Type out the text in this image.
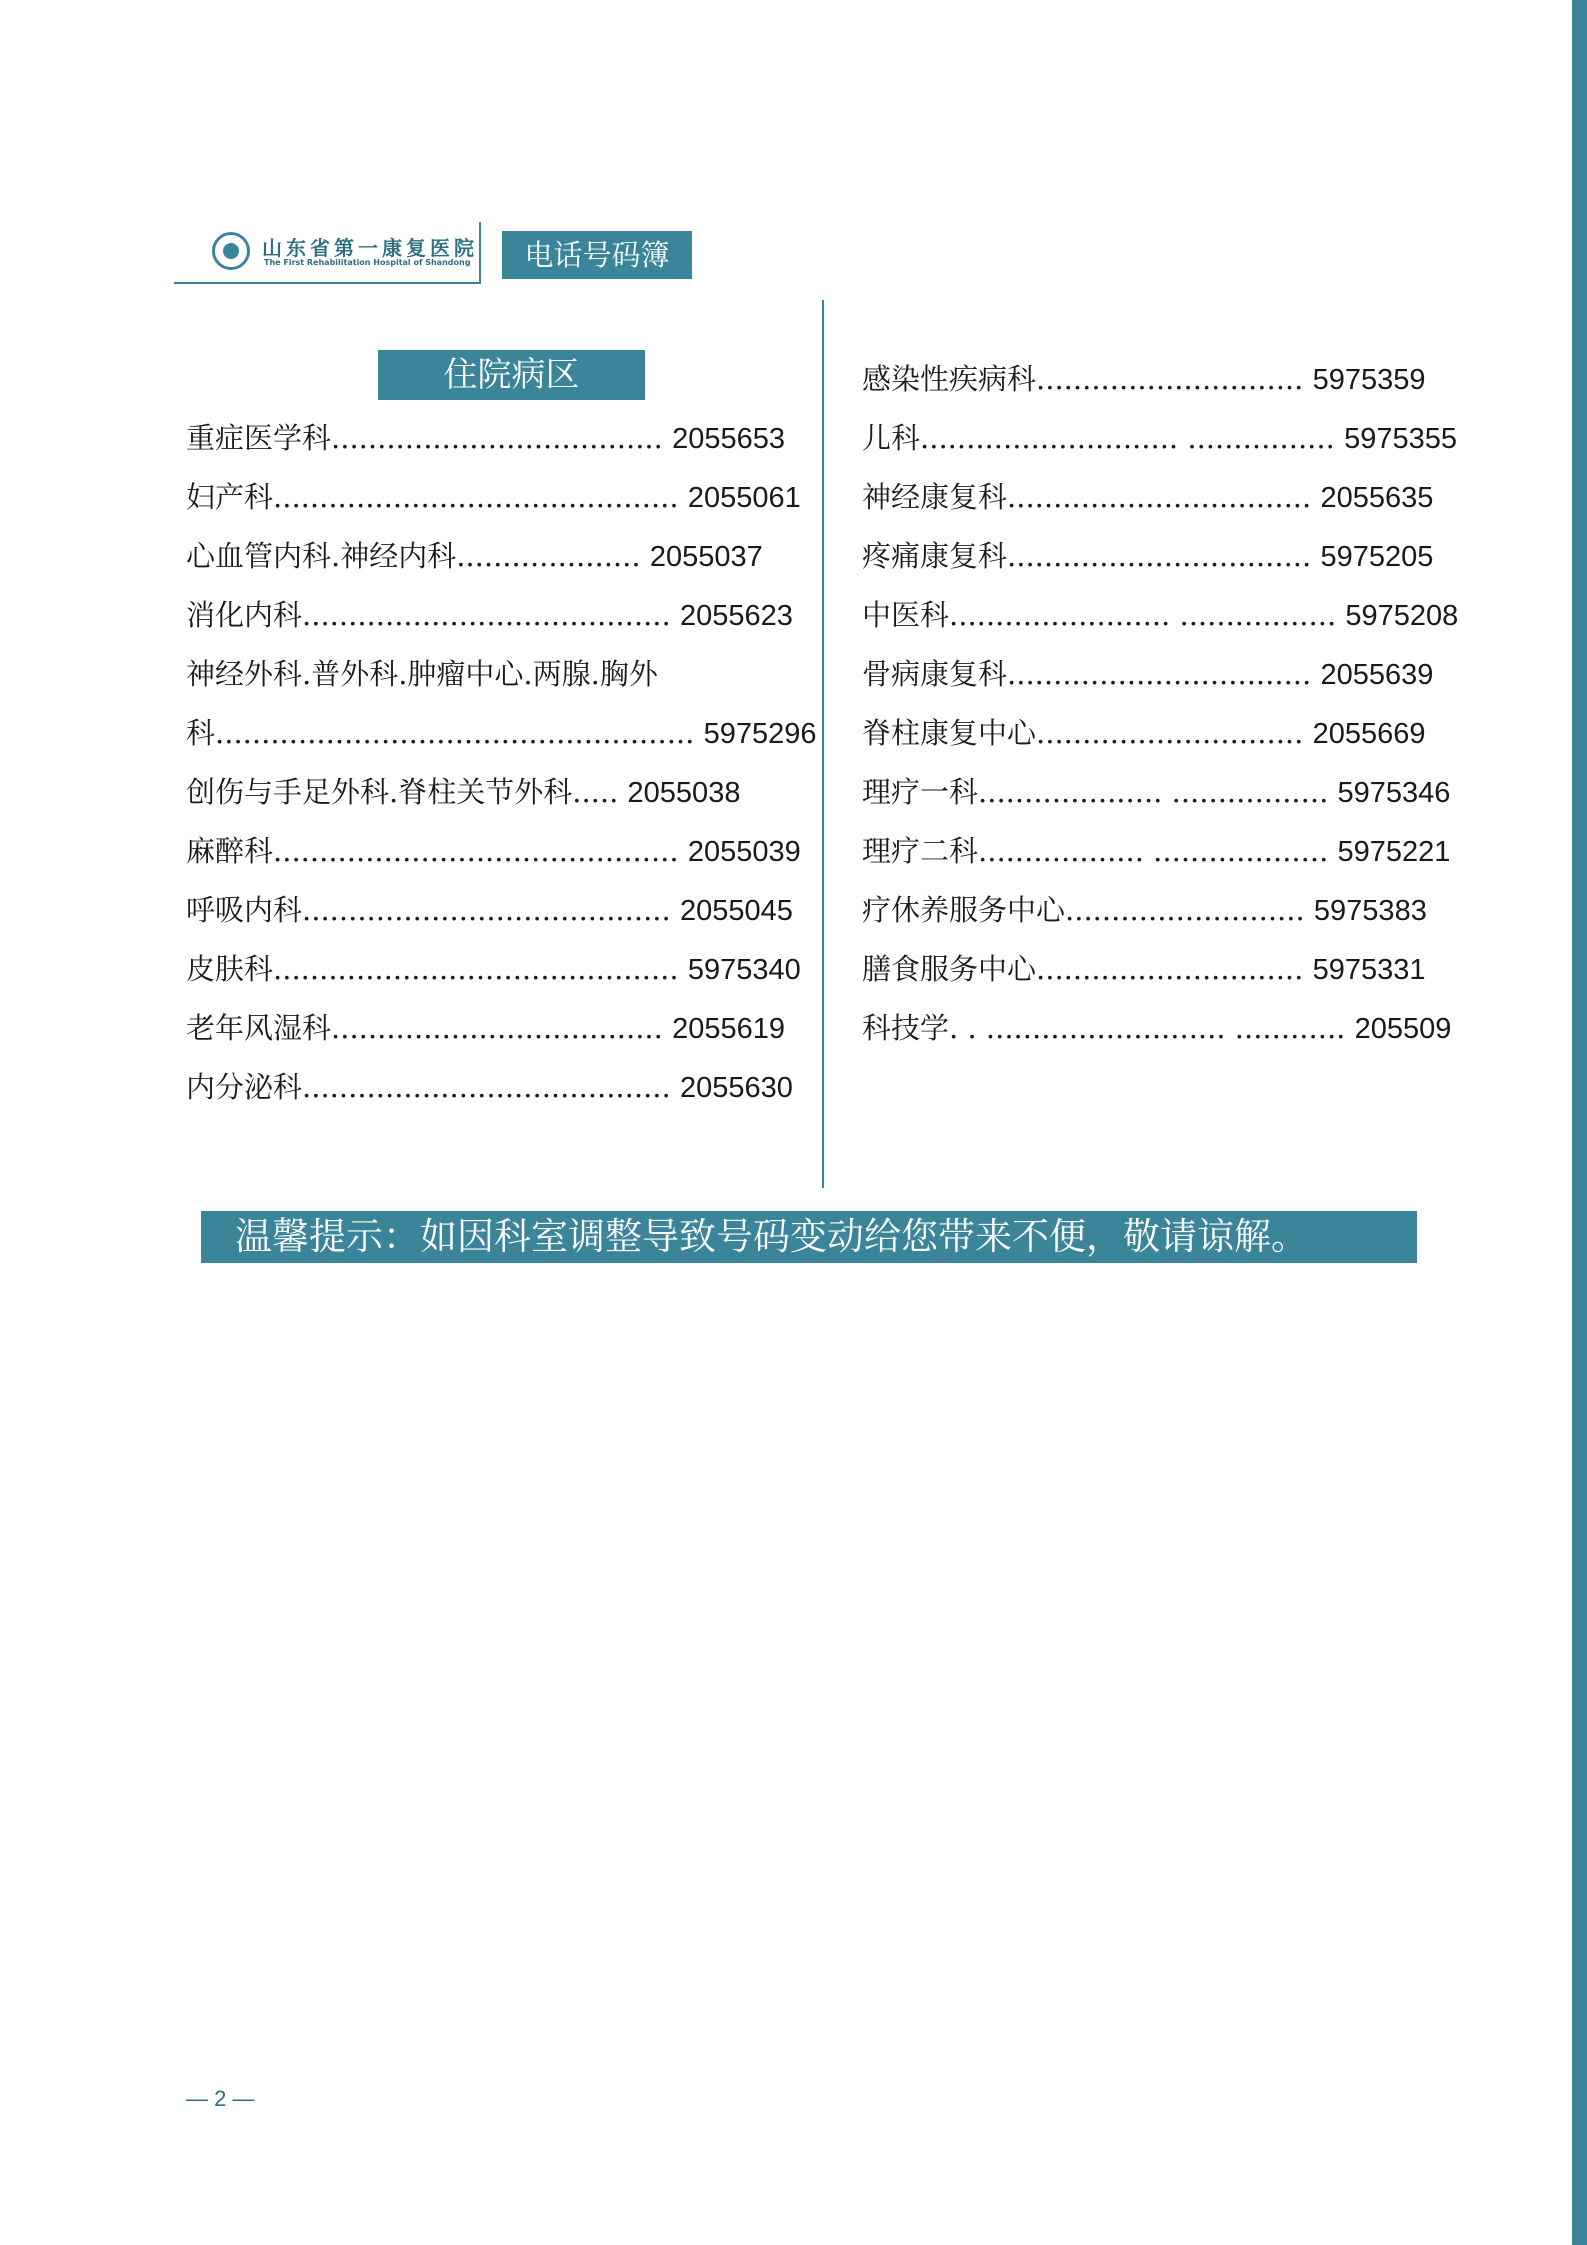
山东省第一康复医院
The First Rehabilitation Hospital of Shandong	电话号码簿
住院病区
重症医学科.................................... 2055653
妇产科............................................ 2055061
心血管内科.神经内科.................... 2055037
消化内科........................................ 2055623
神经外科.普外科.肿瘤中心.两腺.胸外
科.................................................... 5975296
创伤与手足外科.脊柱关节外科..... 2055038
麻醉科............................................ 2055039
呼吸内科........................................ 2055045
皮肤科............................................ 5975340
老年风湿科.................................... 2055619
内分泌科........................................ 2055630
感染性疾病科............................. 5975359
儿科............................ ................ 5975355
神经康复科................................. 2055635
疼痛康复科................................. 5975205
中医科........................ ................. 5975208
骨病康复科................................. 2055639
脊柱康复中心............................. 2055669
理疗一科.................... ................. 5975346
理疗二科.................. ................... 5975221
疗休养服务中心.......................... 5975383
膳食服务中心............................. 5975331
科技学. . .......................... ............ 205509
温馨提示：如因科室调整导致号码变动给您带来不便，敬请谅解。
— 2 —
